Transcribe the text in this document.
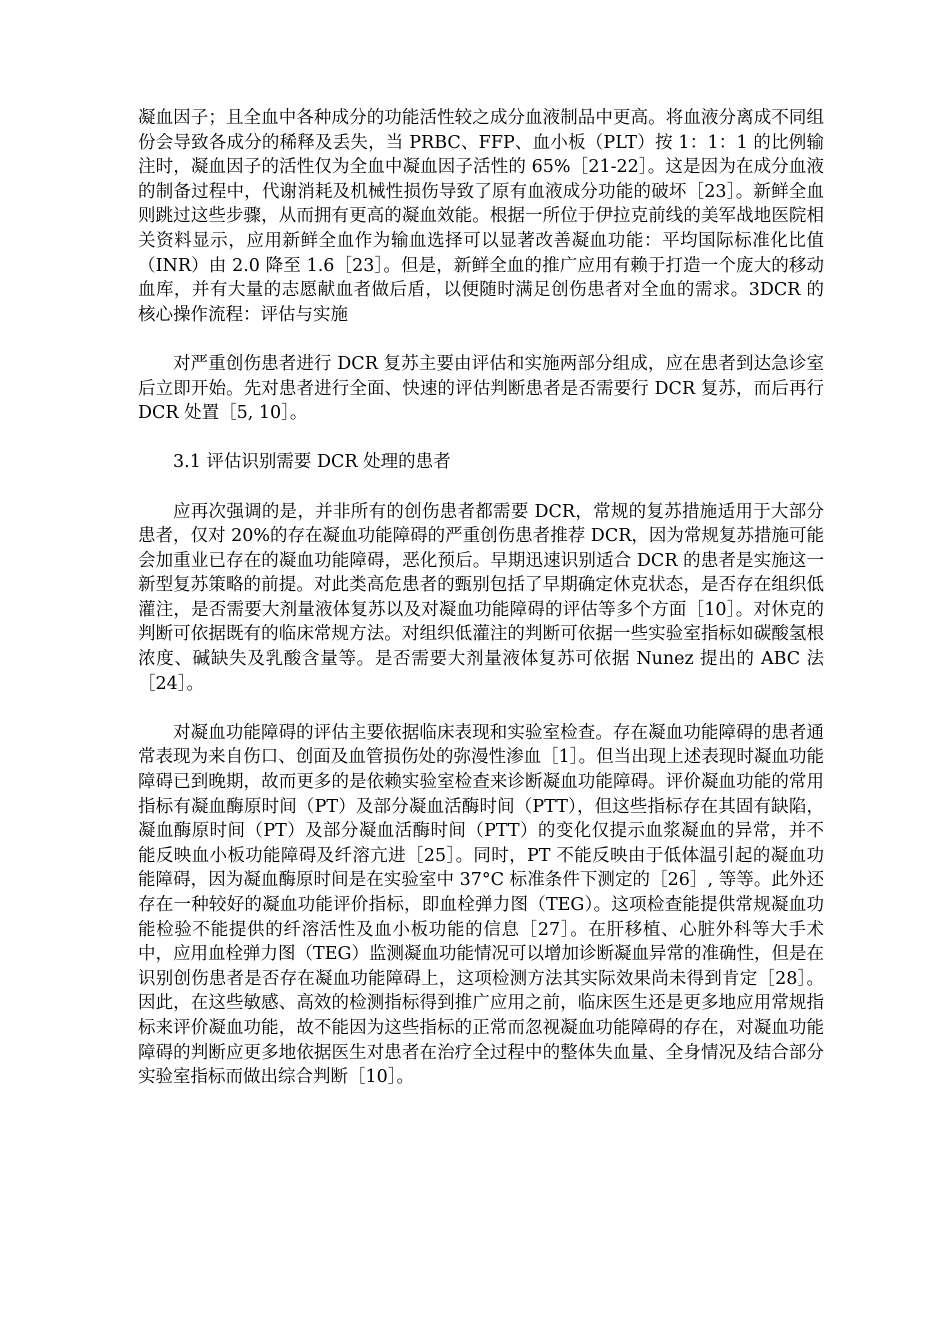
凝血因子；且全血中各种成分的功能活性较之成分血液制品中更高。将血液分离成不同组份会导致各成分的稀释及丢失，当 PRBC、FFP、血小板（PLT）按 1：1：1 的比例输注时，凝血因子的活性仅为全血中凝血因子活性的 65%［21-22］。这是因为在成分血液的制备过程中，代谢消耗及机械性损伤导致了原有血液成分功能的破坏［23］。新鲜全血则跳过这些步骤，从而拥有更高的凝血效能。根据一所位于伊拉克前线的美军战地医院相关资料显示，应用新鲜全血作为输血选择可以显著改善凝血功能：平均国际标准化比值（INR）由 2.0 降至 1.6［23］。但是，新鲜全血的推广应用有赖于打造一个庞大的移动血库，并有大量的志愿献血者做后盾，以便随时满足创伤患者对全血的需求。3DCR 的核心操作流程：评估与实施

对严重创伤患者进行 DCR 复苏主要由评估和实施两部分组成，应在患者到达急诊室后立即开始。先对患者进行全面、快速的评估判断患者是否需要行 DCR 复苏，而后再行 DCR 处置［5, 10］。

3.1 评估识别需要 DCR 处理的患者

应再次强调的是，并非所有的创伤患者都需要 DCR，常规的复苏措施适用于大部分患者，仅对 20%的存在凝血功能障碍的严重创伤患者推荐 DCR，因为常规复苏措施可能会加重业已存在的凝血功能障碍，恶化预后。早期迅速识别适合 DCR 的患者是实施这一新型复苏策略的前提。对此类高危患者的甄别包括了早期确定休克状态，是否存在组织低灌注，是否需要大剂量液体复苏以及对凝血功能障碍的评估等多个方面［10］。对休克的判断可依据既有的临床常规方法。对组织低灌注的判断可依据一些实验室指标如碳酸氢根浓度、碱缺失及乳酸含量等。是否需要大剂量液体复苏可依据 Nunez 提出的 ABC 法［24］。

对凝血功能障碍的评估主要依据临床表现和实验室检查。存在凝血功能障碍的患者通常表现为来自伤口、创面及血管损伤处的弥漫性渗血［1］。但当出现上述表现时凝血功能障碍已到晚期，故而更多的是依赖实验室检查来诊断凝血功能障碍。评价凝血功能的常用指标有凝血酶原时间（PT）及部分凝血活酶时间（PTT），但这些指标存在其固有缺陷，凝血酶原时间（PT）及部分凝血活酶时间（PTT）的变化仅提示血浆凝血的异常，并不能反映血小板功能障碍及纤溶亢进［25］。同时，PT 不能反映由于低体温引起的凝血功能障碍，因为凝血酶原时间是在实验室中 37°C 标准条件下测定的［26］, 等等。此外还存在一种较好的凝血功能评价指标，即血栓弹力图（TEG）。这项检查能提供常规凝血功能检验不能提供的纤溶活性及血小板功能的信息［27］。在肝移植、心脏外科等大手术中，应用血栓弹力图（TEG）监测凝血功能情况可以增加诊断凝血异常的准确性，但是在识别创伤患者是否存在凝血功能障碍上，这项检测方法其实际效果尚未得到肯定［28］。因此，在这些敏感、高效的检测指标得到推广应用之前，临床医生还是更多地应用常规指标来评价凝血功能，故不能因为这些指标的正常而忽视凝血功能障碍的存在，对凝血功能障碍的判断应更多地依据医生对患者在治疗全过程中的整体失血量、全身情况及结合部分实验室指标而做出综合判断［10］。
